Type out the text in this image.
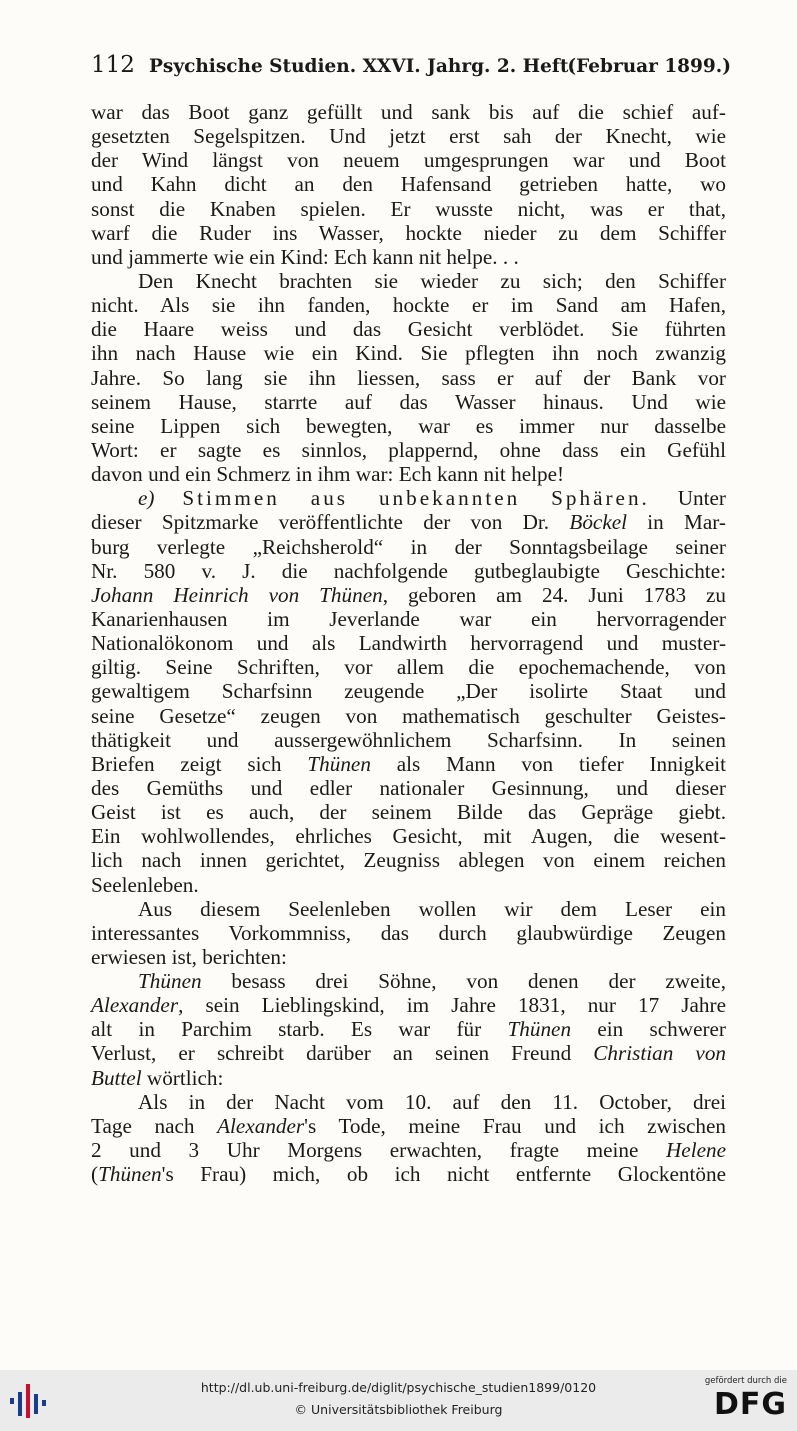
112 Psychische Studien. XXVI. Jahrg. 2. Heft.
(Februar 1899.)
war das Boot ganz gefüllt und sank bis auf die schief auf-
gesetzten Segelspitzen. Und jetzt erst sah der Knecht, wie
der Wind längst von neuem umgesprungen war und Boot
und Kahn dicht an den Hafensand getrieben hatte, wo
sonst die Knaben spielen. Er wusste nicht, was er that,
warf die Ruder ins Wasser, hockte nieder zu dem Schiffer
und jammerte wie ein Kind: Ech kann nit helpe. . .
Den Knecht brachten sie wieder zu sich; den Schiffer
nicht. Als sie ihn fanden, hockte er im Sand am Hafen,
die Haare weiss und das Gesicht verblödet. Sie führten
ihn nach Hause wie ein Kind. Sie pflegten ihn noch zwanzig
Jahre. So lang sie ihn liessen, sass er auf der Bank vor
seinem Hause, starrte auf das Wasser hinaus. Und wie
seine Lippen sich bewegten, war es immer nur dasselbe
Wort: er sagte es sinnlos, plappernd, ohne dass ein Gefühl
davon und ein Schmerz in ihm war: Ech kann nit helpe!
e) Stimmen aus unbekannten Sphären. Unter
dieser Spitzmarke veröffentlichte der von Dr. Böckel in Mar-
burg verlegte „Reichsherold“ in der Sonntagsbeilage seiner
Nr. 580 v. J. die nachfolgende gutbeglaubigte Geschichte:
Johann Heinrich von Thünen, geboren am 24. Juni 1783 zu
Kanarienhausen im Jeverlande war ein hervorragender
Nationalökonom und als Landwirth hervorragend und muster-
giltig. Seine Schriften, vor allem die epochemachende, von
gewaltigem Scharfsinn zeugende „Der isolirte Staat und
seine Gesetze“ zeugen von mathematisch geschulter Geistes-
thätigkeit und aussergewöhnlichem Scharfsinn. In seinen
Briefen zeigt sich Thünen als Mann von tiefer Innigkeit
des Gemüths und edler nationaler Gesinnung, und dieser
Geist ist es auch, der seinem Bilde das Gepräge giebt.
Ein wohlwollendes, ehrliches Gesicht, mit Augen, die wesent-
lich nach innen gerichtet, Zeugniss ablegen von einem reichen
Seelenleben.
Aus diesem Seelenleben wollen wir dem Leser ein
interessantes Vorkommniss, das durch glaubwürdige Zeugen
erwiesen ist, berichten:
Thünen besass drei Söhne, von denen der zweite,
Alexander, sein Lieblingskind, im Jahre 1831, nur 17 Jahre
alt in Parchim starb. Es war für Thünen ein schwerer
Verlust, er schreibt darüber an seinen Freund Christian von
Buttel wörtlich:
Als in der Nacht vom 10. auf den 11. October, drei
Tage nach Alexander's Tode, meine Frau und ich zwischen
2 und 3 Uhr Morgens erwachten, fragte meine Helene
(Thünen's Frau) mich, ob ich nicht entfernte Glockentöne
http://dl.ub.uni-freiburg.de/diglit/psychische_studien1899/0120
© Universitätsbibliothek Freiburg
gefördert durch die
DFG
